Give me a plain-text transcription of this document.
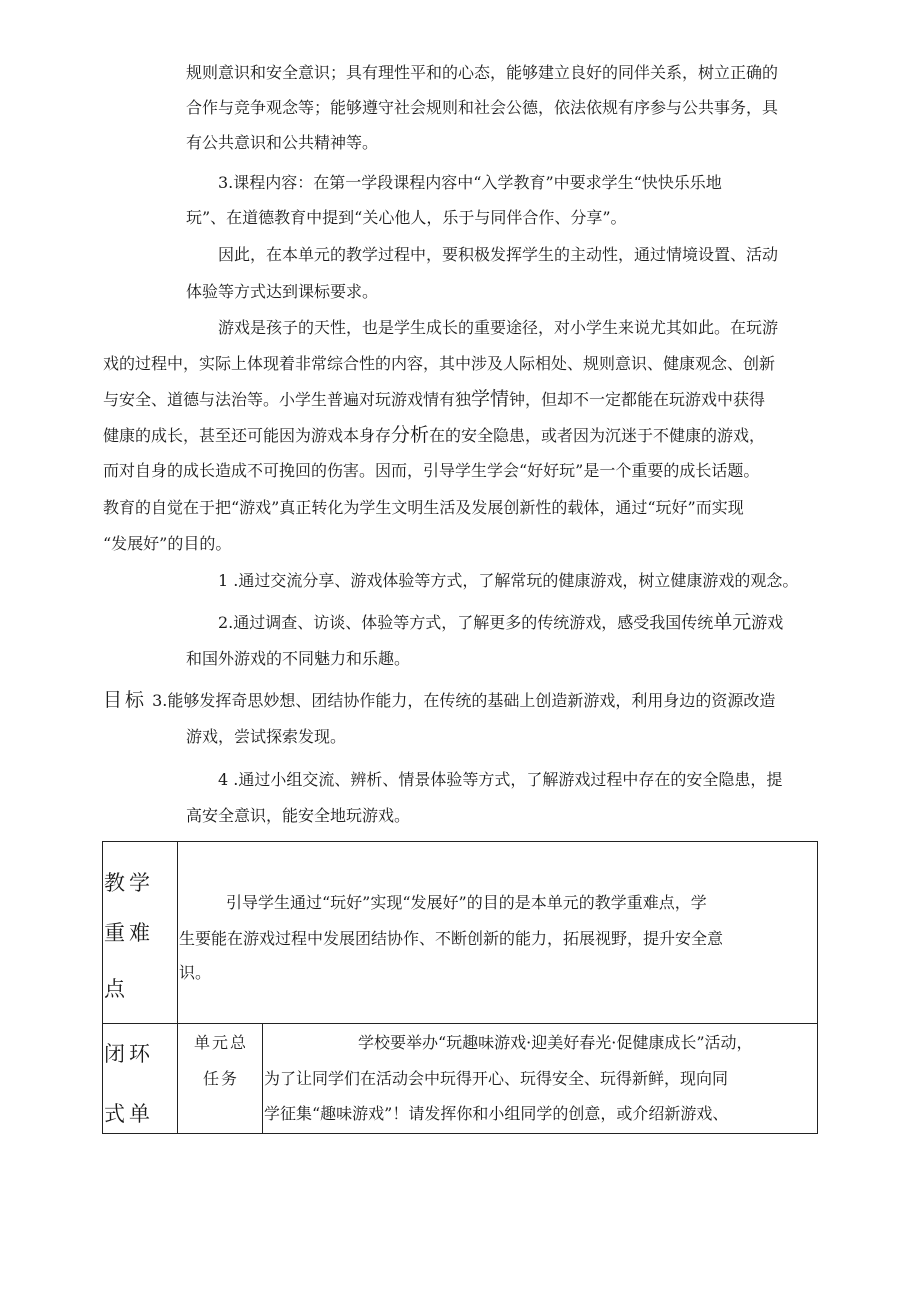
规则意识和安全意识；具有理性平和的心态，能够建立良好的同伴关系，树立正确的
合作与竞争观念等；能够遵守社会规则和社会公德，依法依规有序参与公共事务，具
有公共意识和公共精神等。
3.课程内容：在第一学段课程内容中“入学教育”中要求学生“快快乐乐地
玩”、在道德教育中提到“关心他人，乐于与同伴合作、分享”。
因此，在本单元的教学过程中，要积极发挥学生的主动性，通过情境设置、活动
体验等方式达到课标要求。
游戏是孩子的天性，也是学生成长的重要途径，对小学生来说尤其如此。在玩游
戏的过程中，实际上体现着非常综合性的内容，其中涉及人际相处、规则意识、健康观念、创新
与安全、道德与法治等。小学生普遍对玩游戏情有独学情钟，但却不一定都能在玩游戏中获得
健康的成长，甚至还可能因为游戏本身存分析在的安全隐患，或者因为沉迷于不健康的游戏，
而对自身的成长造成不可挽回的伤害。因而，引导学生学会“好好玩”是一个重要的成长话题。
教育的自觉在于把“游戏”真正转化为学生文明生活及发展创新性的载体，通过“玩好”而实现
“发展好”的目的。
1 .通过交流分享、游戏体验等方式，了解常玩的健康游戏，树立健康游戏的观念。
2.通过调查、访谈、体验等方式，了解更多的传统游戏，感受我国传统单元游戏
和国外游戏的不同魅力和乐趣。
目标 3.能够发挥奇思妙想、团结协作能力，在传统的基础上创造新游戏，利用身边的资源改造
游戏，尝试探索发现。
4 .通过小组交流、辨析、情景体验等方式，了解游戏过程中存在的安全隐患，提
高安全意识，能安全地玩游戏。
教学
重难
点
引导学生通过“玩好”实现“发展好”的目的是本单元的教学重难点，学
生要能在游戏过程中发展团结协作、不断创新的能力，拓展视野，提升安全意
识。
闭环
式单
单元总
任务
学校要举办“玩趣味游戏·迎美好春光·促健康成长”活动，
为了让同学们在活动会中玩得开心、玩得安全、玩得新鲜，现向同
学征集“趣味游戏”！请发挥你和小组同学的创意，或介绍新游戏、
